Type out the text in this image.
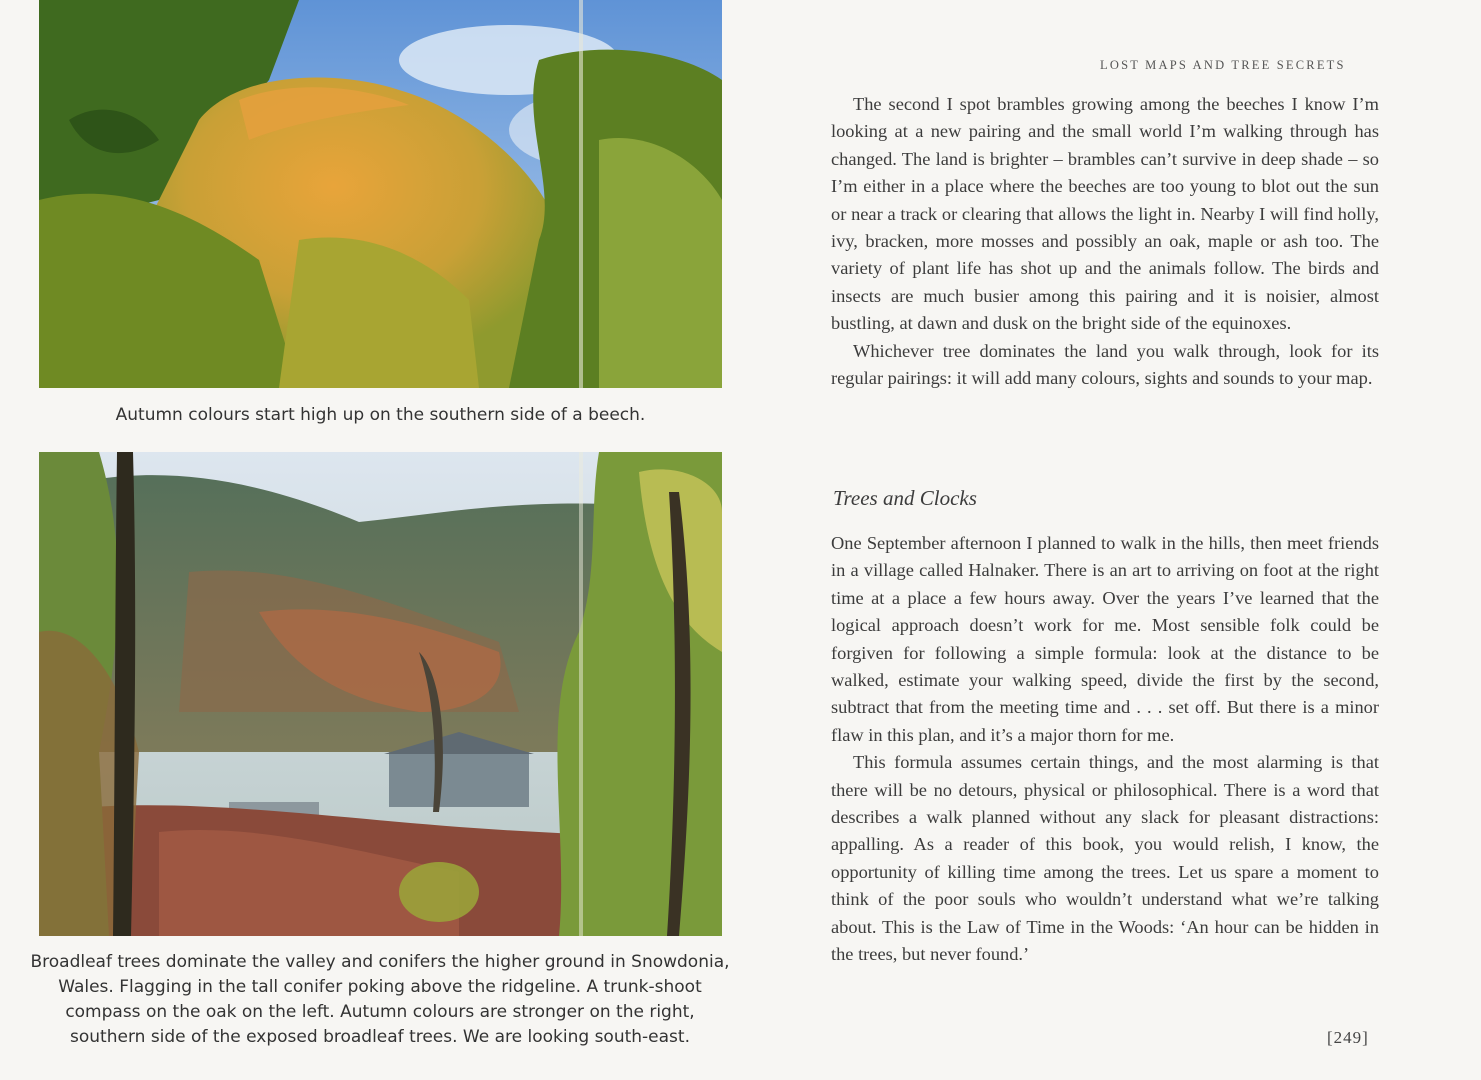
Autumn colours start high up on the southern side of a beech.
Broadleaf trees dominate the valley and conifers the higher ground in Snowdonia, Wales. Flagging in the tall conifer poking above the ridgeline. A trunk-shoot compass on the oak on the left. Autumn colours are stronger on the right, southern side of the exposed broadleaf trees. We are looking south-east.
LOST MAPS AND TREE SECRETS

The second I spot brambles growing among the beeches I know I’m looking at a new pairing and the small world I’m walking through has changed. The land is brighter – brambles can’t survive in deep shade – so I’m either in a place where the beeches are too young to blot out the sun or near a track or clearing that allows the light in. Nearby I will find holly, ivy, bracken, more mosses and possibly an oak, maple or ash too. The variety of plant life has shot up and the animals follow. The birds and insects are much busier among this pairing and it is noisier, almost bustling, at dawn and dusk on the bright side of the equinoxes.

Whichever tree dominates the land you walk through, look for its regular pairings: it will add many colours, sights and sounds to your map.

Trees and Clocks

One September afternoon I planned to walk in the hills, then meet friends in a village called Halnaker. There is an art to arriving on foot at the right time at a place a few hours away. Over the years I’ve learned that the logical approach doesn’t work for me. Most sensible folk could be forgiven for following a simple formula: look at the distance to be walked, estimate your walking speed, divide the first by the second, subtract that from the meeting time and . . . set off. But there is a minor flaw in this plan, and it’s a major thorn for me.

This formula assumes certain things, and the most alarming is that there will be no detours, physical or philosophical. There is a word that describes a walk planned without any slack for pleasant distractions: appalling. As a reader of this book, you would relish, I know, the opportunity of killing time among the trees. Let us spare a moment to think of the poor souls who wouldn’t understand what we’re talking about. This is the Law of Time in the Woods: ‘An hour can be hidden in the trees, but never found.’

[249]
